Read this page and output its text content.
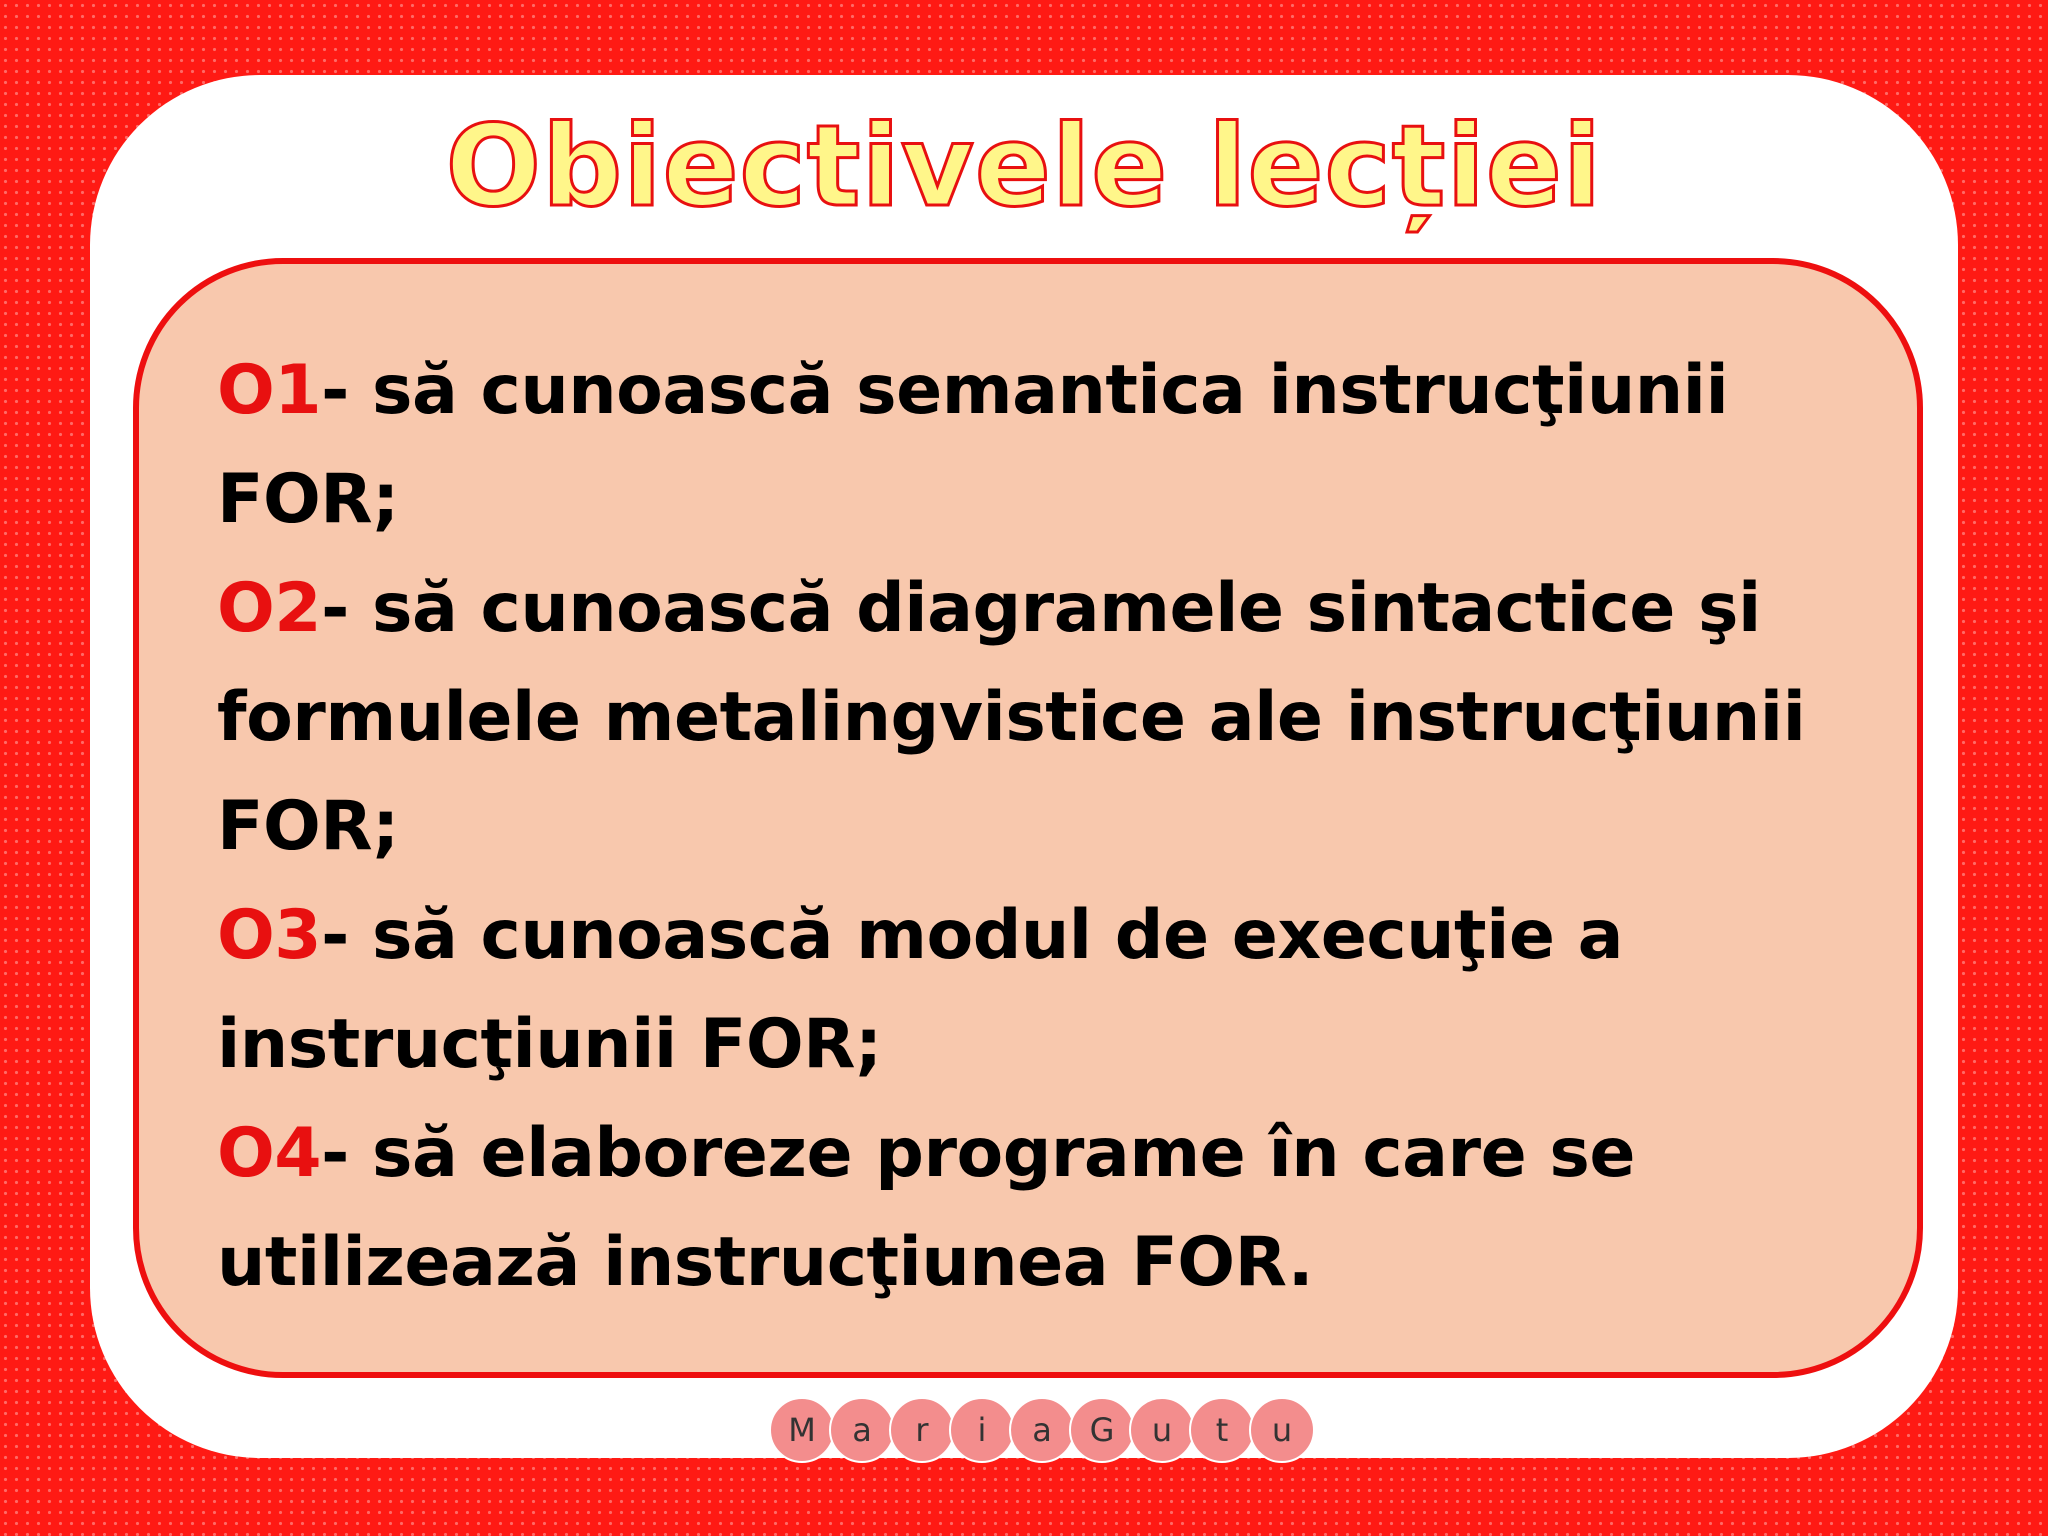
Obiectivele lecției

O1- să cunoască semantica instrucţiunii FOR;

O2- să cunoască diagramele sintactice şi formulele metalingvistice ale instrucţiunii FOR;

O3- să cunoască modul de execuţie a instrucţiunii FOR;

O4- să elaboreze programe în care se utilizează instrucţiunea FOR.

M	a	r	i	a	G	u	t	u
